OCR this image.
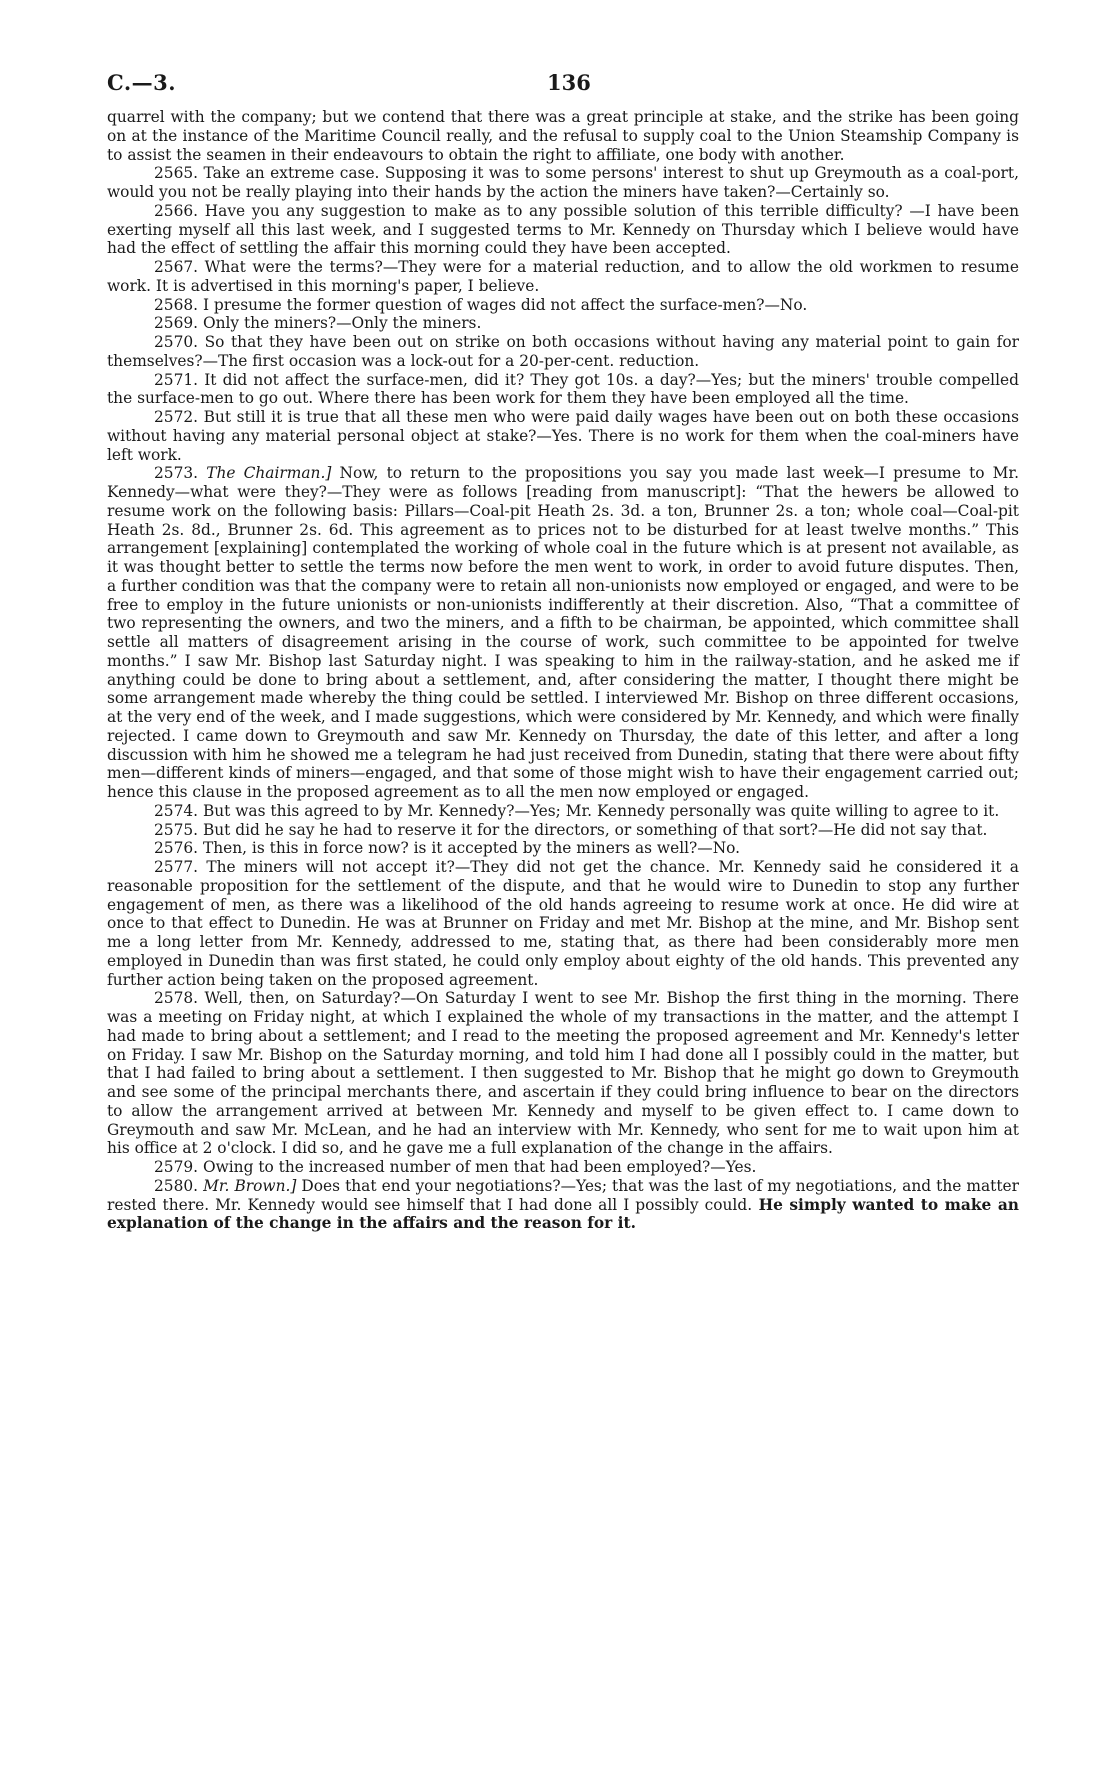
C.—3.	136

quarrel with the company; but we contend that there was a great principle at stake, and the strike has been going on at the instance of the Maritime Council really, and the refusal to supply coal to the Union Steamship Company is to assist the seamen in their endeavours to obtain the right to affiliate, one body with another.

2565. Take an extreme case. Supposing it was to some persons' interest to shut up Greymouth as a coal-port, would you not be really playing into their hands by the action the miners have taken?—Certainly so.

2566. Have you any suggestion to make as to any possible solution of this terrible difficulty? —I have been exerting myself all this last week, and I suggested terms to Mr. Kennedy on Thursday which I believe would have had the effect of settling the affair this morning could they have been accepted.

2567. What were the terms?—They were for a material reduction, and to allow the old workmen to resume work. It is advertised in this morning's paper, I believe.

2568. I presume the former question of wages did not affect the surface-men?—No.

2569. Only the miners?—Only the miners.

2570. So that they have been out on strike on both occasions without having any material point to gain for themselves?—The first occasion was a lock-out for a 20-per-cent. reduction.

2571. It did not affect the surface-men, did it? They got 10s. a day?—Yes; but the miners' trouble compelled the surface-men to go out. Where there has been work for them they have been employed all the time.

2572. But still it is true that all these men who were paid daily wages have been out on both these occasions without having any material personal object at stake?—Yes. There is no work for them when the coal-miners have left work.

2573. The Chairman.] Now, to return to the propositions you say you made last week—I presume to Mr. Kennedy—what were they?—They were as follows [reading from manuscript]: “That the hewers be allowed to resume work on the following basis: Pillars—Coal-pit Heath 2s. 3d. a ton, Brunner 2s. a ton; whole coal—Coal-pit Heath 2s. 8d., Brunner 2s. 6d. This agreement as to prices not to be disturbed for at least twelve months.” This arrangement [explaining] contemplated the working of whole coal in the future which is at present not available, as it was thought better to settle the terms now before the men went to work, in order to avoid future disputes. Then, a further condition was that the company were to retain all non-unionists now employed or engaged, and were to be free to employ in the future unionists or non-unionists indifferently at their discretion. Also, “That a committee of two representing the owners, and two the miners, and a fifth to be chairman, be appointed, which committee shall settle all matters of disagreement arising in the course of work, such committee to be appointed for twelve months.” I saw Mr. Bishop last Saturday night. I was speaking to him in the railway-station, and he asked me if anything could be done to bring about a settlement, and, after considering the matter, I thought there might be some arrangement made whereby the thing could be settled. I interviewed Mr. Bishop on three different occasions, at the very end of the week, and I made suggestions, which were considered by Mr. Kennedy, and which were finally rejected. I came down to Greymouth and saw Mr. Kennedy on Thursday, the date of this letter, and after a long discussion with him he showed me a telegram he had just received from Dunedin, stating that there were about fifty men—different kinds of miners—engaged, and that some of those might wish to have their engagement carried out; hence this clause in the proposed agreement as to all the men now employed or engaged.

2574. But was this agreed to by Mr. Kennedy?—Yes; Mr. Kennedy personally was quite willing to agree to it.

2575. But did he say he had to reserve it for the directors, or something of that sort?—He did not say that.

2576. Then, is this in force now? is it accepted by the miners as well?—No.

2577. The miners will not accept it?—They did not get the chance. Mr. Kennedy said he considered it a reasonable proposition for the settlement of the dispute, and that he would wire to Dunedin to stop any further engagement of men, as there was a likelihood of the old hands agreeing to resume work at once. He did wire at once to that effect to Dunedin. He was at Brunner on Friday and met Mr. Bishop at the mine, and Mr. Bishop sent me a long letter from Mr. Kennedy, addressed to me, stating that, as there had been considerably more men employed in Dunedin than was first stated, he could only employ about eighty of the old hands. This prevented any further action being taken on the proposed agreement.

2578. Well, then, on Saturday?—On Saturday I went to see Mr. Bishop the first thing in the morning. There was a meeting on Friday night, at which I explained the whole of my transactions in the matter, and the attempt I had made to bring about a settlement; and I read to the meeting the proposed agreement and Mr. Kennedy's letter on Friday. I saw Mr. Bishop on the Saturday morning, and told him I had done all I possibly could in the matter, but that I had failed to bring about a settlement. I then suggested to Mr. Bishop that he might go down to Greymouth and see some of the principal merchants there, and ascertain if they could bring influence to bear on the directors to allow the arrangement arrived at between Mr. Kennedy and myself to be given effect to. I came down to Greymouth and saw Mr. McLean, and he had an interview with Mr. Kennedy, who sent for me to wait upon him at his office at 2 o'clock. I did so, and he gave me a full explanation of the change in the affairs.

2579. Owing to the increased number of men that had been employed?—Yes.

2580. Mr. Brown.] Does that end your negotiations?—Yes; that was the last of my negotiations, and the matter rested there. Mr. Kennedy would see himself that I had done all I possibly could. He simply wanted to make an explanation of the change in the affairs and the reason for it.
